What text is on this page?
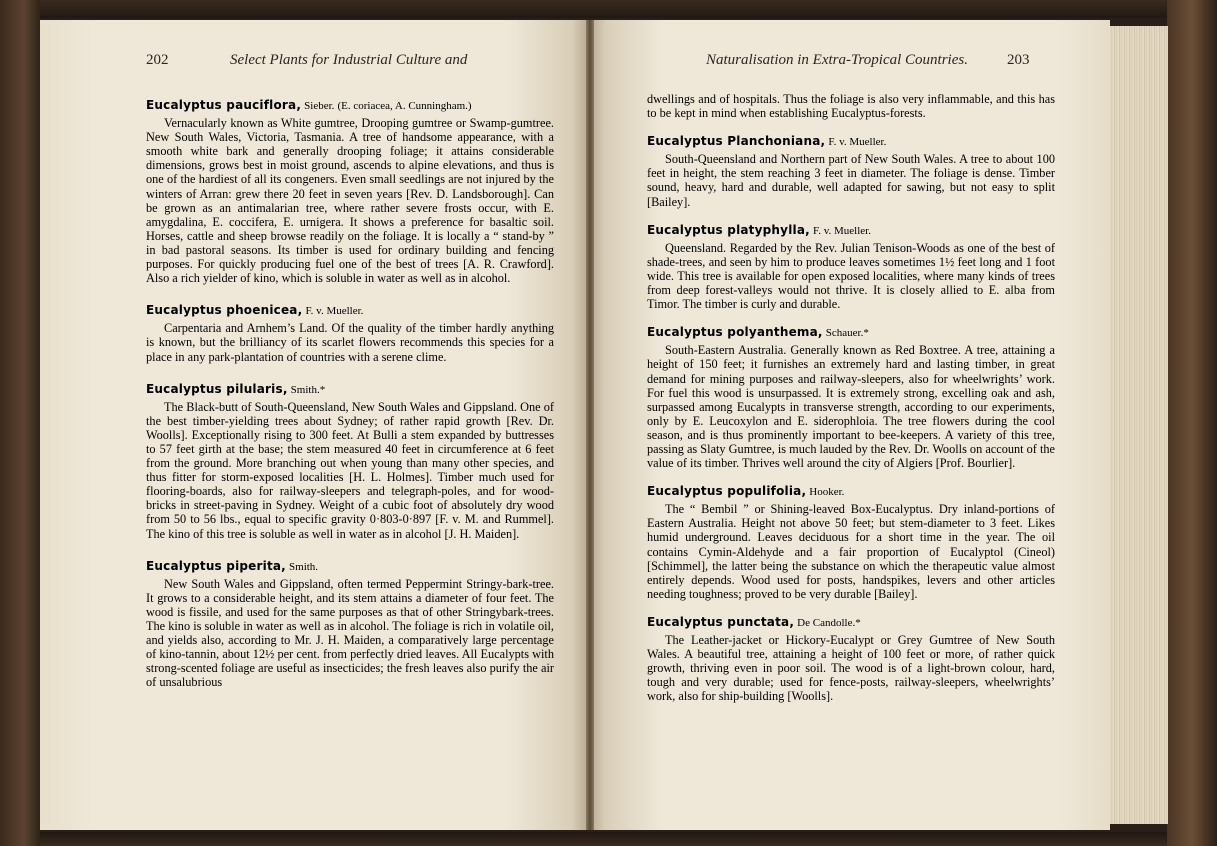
202	Select Plants for Industrial Culture and	Naturalisation in Extra-Tropical Countries.	203
Eucalyptus pauciflora, Sieber. (E. coriacea, A. Cunningham.)

Vernacularly known as White gumtree, Drooping gumtree or Swamp-gumtree. New South Wales, Victoria, Tasmania. A tree of handsome appearance, with a smooth white bark and generally drooping foliage; it attains considerable dimensions, grows best in moist ground, ascends to alpine elevations, and thus is one of the hardiest of all its congeners. Even small seedlings are not injured by the winters of Arran: grew there 20 feet in seven years [Rev. D. Landsborough]. Can be grown as an antimalarian tree, where rather severe frosts occur, with E. amygdalina, E. coccifera, E. urnigera. It shows a preference for basaltic soil. Horses, cattle and sheep browse readily on the foliage. It is locally a “ stand-by ” in bad pastoral seasons. Its timber is used for ordinary building and fencing purposes. For quickly producing fuel one of the best of trees [A. R. Crawford]. Also a rich yielder of kino, which is soluble in water as well as in alcohol.

Eucalyptus phoenicea, F. v. Mueller.

Carpentaria and Arnhem’s Land. Of the quality of the timber hardly anything is known, but the brilliancy of its scarlet flowers recommends this species for a place in any park-plantation of countries with a serene clime.

Eucalyptus pilularis, Smith.*

The Black-butt of South-Queensland, New South Wales and Gippsland. One of the best timber-yielding trees about Sydney; of rather rapid growth [Rev. Dr. Woolls]. Exceptionally rising to 300 feet. At Bulli a stem expanded by buttresses to 57 feet girth at the base; the stem measured 40 feet in circumference at 6 feet from the ground. More branching out when young than many other species, and thus fitter for storm-exposed localities [H. L. Holmes]. Timber much used for flooring-boards, also for railway-sleepers and telegraph-poles, and for wood-bricks in street-paving in Sydney. Weight of a cubic foot of absolutely dry wood from 50 to 56 lbs., equal to specific gravity 0·803-0·897 [F. v. M. and Rummel]. The kino of this tree is soluble as well in water as in alcohol [J. H. Maiden].

Eucalyptus piperita, Smith.

New South Wales and Gippsland, often termed Peppermint Stringy-bark-tree. It grows to a considerable height, and its stem attains a diameter of four feet. The wood is fissile, and used for the same purposes as that of other Stringybark-trees. The kino is soluble in water as well as in alcohol. The foliage is rich in volatile oil, and yields also, according to Mr. J. H. Maiden, a comparatively large percentage of kino-tannin, about 12½ per cent. from perfectly dried leaves. All Eucalypts with strong-scented foliage are useful as insecticides; the fresh leaves also purify the air of unsalubrious

dwellings and of hospitals. Thus the foliage is also very inflammable, and this has to be kept in mind when establishing Eucalyptus-forests.

Eucalyptus Planchoniana, F. v. Mueller.

South-Queensland and Northern part of New South Wales. A tree to about 100 feet in height, the stem reaching 3 feet in diameter. The foliage is dense. Timber sound, heavy, hard and durable, well adapted for sawing, but not easy to split [Bailey].

Eucalyptus platyphylla, F. v. Mueller.

Queensland. Regarded by the Rev. Julian Tenison-Woods as one of the best of shade-trees, and seen by him to produce leaves sometimes 1½ feet long and 1 foot wide. This tree is available for open exposed localities, where many kinds of trees from deep forest-valleys would not thrive. It is closely allied to E. alba from Timor. The timber is curly and durable.

Eucalyptus polyanthema, Schauer.*

South-Eastern Australia. Generally known as Red Boxtree. A tree, attaining a height of 150 feet; it furnishes an extremely hard and lasting timber, in great demand for mining purposes and railway-sleepers, also for wheelwrights’ work. For fuel this wood is unsurpassed. It is extremely strong, excelling oak and ash, surpassed among Eucalypts in transverse strength, according to our experiments, only by E. Leucoxylon and E. siderophloia. The tree flowers during the cool season, and is thus prominently important to bee-keepers. A variety of this tree, passing as Slaty Gumtree, is much lauded by the Rev. Dr. Woolls on account of the value of its timber. Thrives well around the city of Algiers [Prof. Bourlier].

Eucalyptus populifolia, Hooker.

The “ Bembil ” or Shining-leaved Box-Eucalyptus. Dry inland-portions of Eastern Australia. Height not above 50 feet; but stem-diameter to 3 feet. Likes humid underground. Leaves deciduous for a short time in the year. The oil contains Cymin-Aldehyde and a fair proportion of Eucalyptol (Cineol) [Schimmel], the latter being the substance on which the therapeutic value almost entirely depends. Wood used for posts, handspikes, levers and other articles needing toughness; proved to be very durable [Bailey].

Eucalyptus punctata, De Candolle.*

The Leather-jacket or Hickory-Eucalypt or Grey Gumtree of New South Wales. A beautiful tree, attaining a height of 100 feet or more, of rather quick growth, thriving even in poor soil. The wood is of a light-brown colour, hard, tough and very durable; used for fence-posts, railway-sleepers, wheelwrights’ work, also for ship-building [Woolls].
